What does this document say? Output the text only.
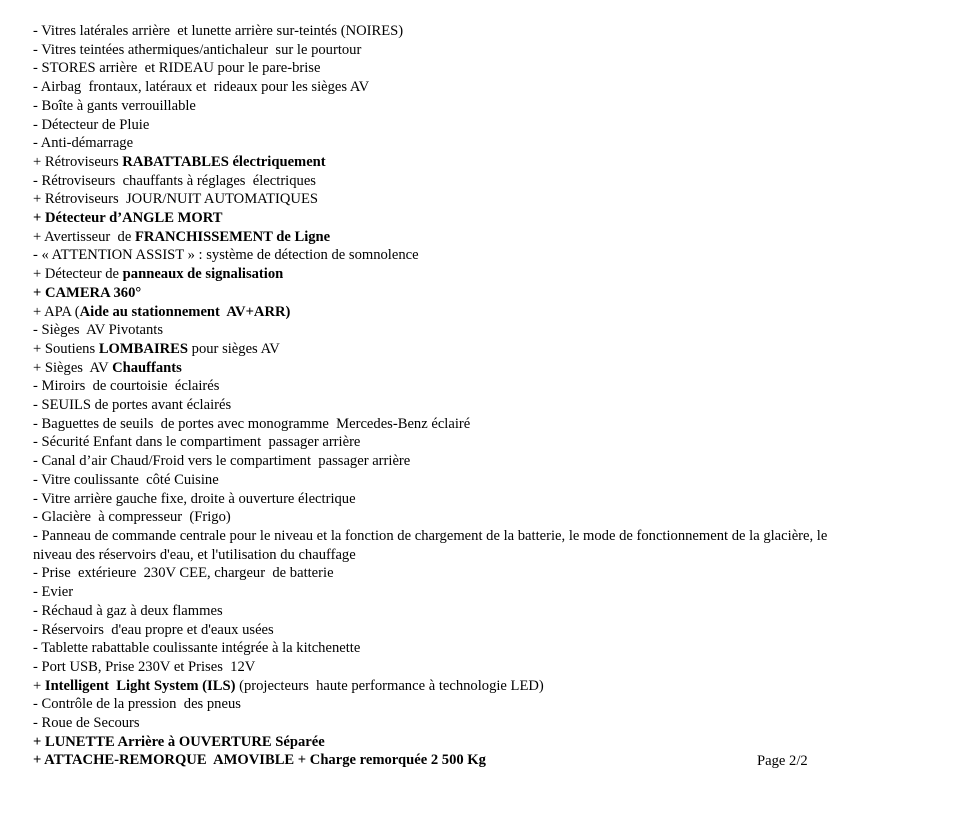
- Vitres latérales arrière  et lunette arrière sur-teintés (NOIRES)
- Vitres teintées athermiques/antichaleur  sur le pourtour
- STORES arrière  et RIDEAU pour le pare-brise
- Airbag  frontaux, latéraux et  rideaux pour les sièges AV
- Boîte à gants verrouillable
- Détecteur de Pluie
- Anti-démarrage
+ Rétroviseurs RABATTABLES électriquement
- Rétroviseurs  chauffants à réglages  électriques
+ Rétroviseurs  JOUR/NUIT AUTOMATIQUES
+ Détecteur d’ANGLE MORT
+ Avertisseur  de FRANCHISSEMENT de Ligne
- « ATTENTION ASSIST » : système de détection de somnolence
+ Détecteur de panneaux de signalisation
+ CAMERA 360°
+ APA (Aide au stationnement  AV+ARR)
- Sièges  AV Pivotants
+ Soutiens LOMBAIRES pour sièges AV
+ Sièges  AV Chauffants
- Miroirs  de courtoisie  éclairés
- SEUILS de portes avant éclairés
- Baguettes de seuils  de portes avec monogramme  Mercedes-Benz éclairé
- Sécurité Enfant dans le compartiment  passager arrière
- Canal d’air Chaud/Froid vers le compartiment  passager arrière
- Vitre coulissante  côté Cuisine
- Vitre arrière gauche fixe, droite à ouverture électrique
- Glacière  à compresseur  (Frigo)
- Panneau de commande centrale pour le niveau et la fonction de chargement de la batterie, le mode de fonctionnement de la glacière, le niveau des réservoirs d'eau, et l'utilisation du chauffage
- Prise  extérieure  230V CEE, chargeur  de batterie
- Evier
- Réchaud à gaz à deux flammes
- Réservoirs  d'eau propre et d'eaux usées
- Tablette rabattable coulissante intégrée à la kitchenette
- Port USB, Prise 230V et Prises  12V
+ Intelligent  Light System (ILS) (projecteurs  haute performance à technologie LED)
- Contrôle de la pression  des pneus
- Roue de Secours
+ LUNETTE Arrière à OUVERTURE Séparée
+ ATTACHE-REMORQUE  AMOVIBLE + Charge remorquée 2 500 Kg	Page 2/2
